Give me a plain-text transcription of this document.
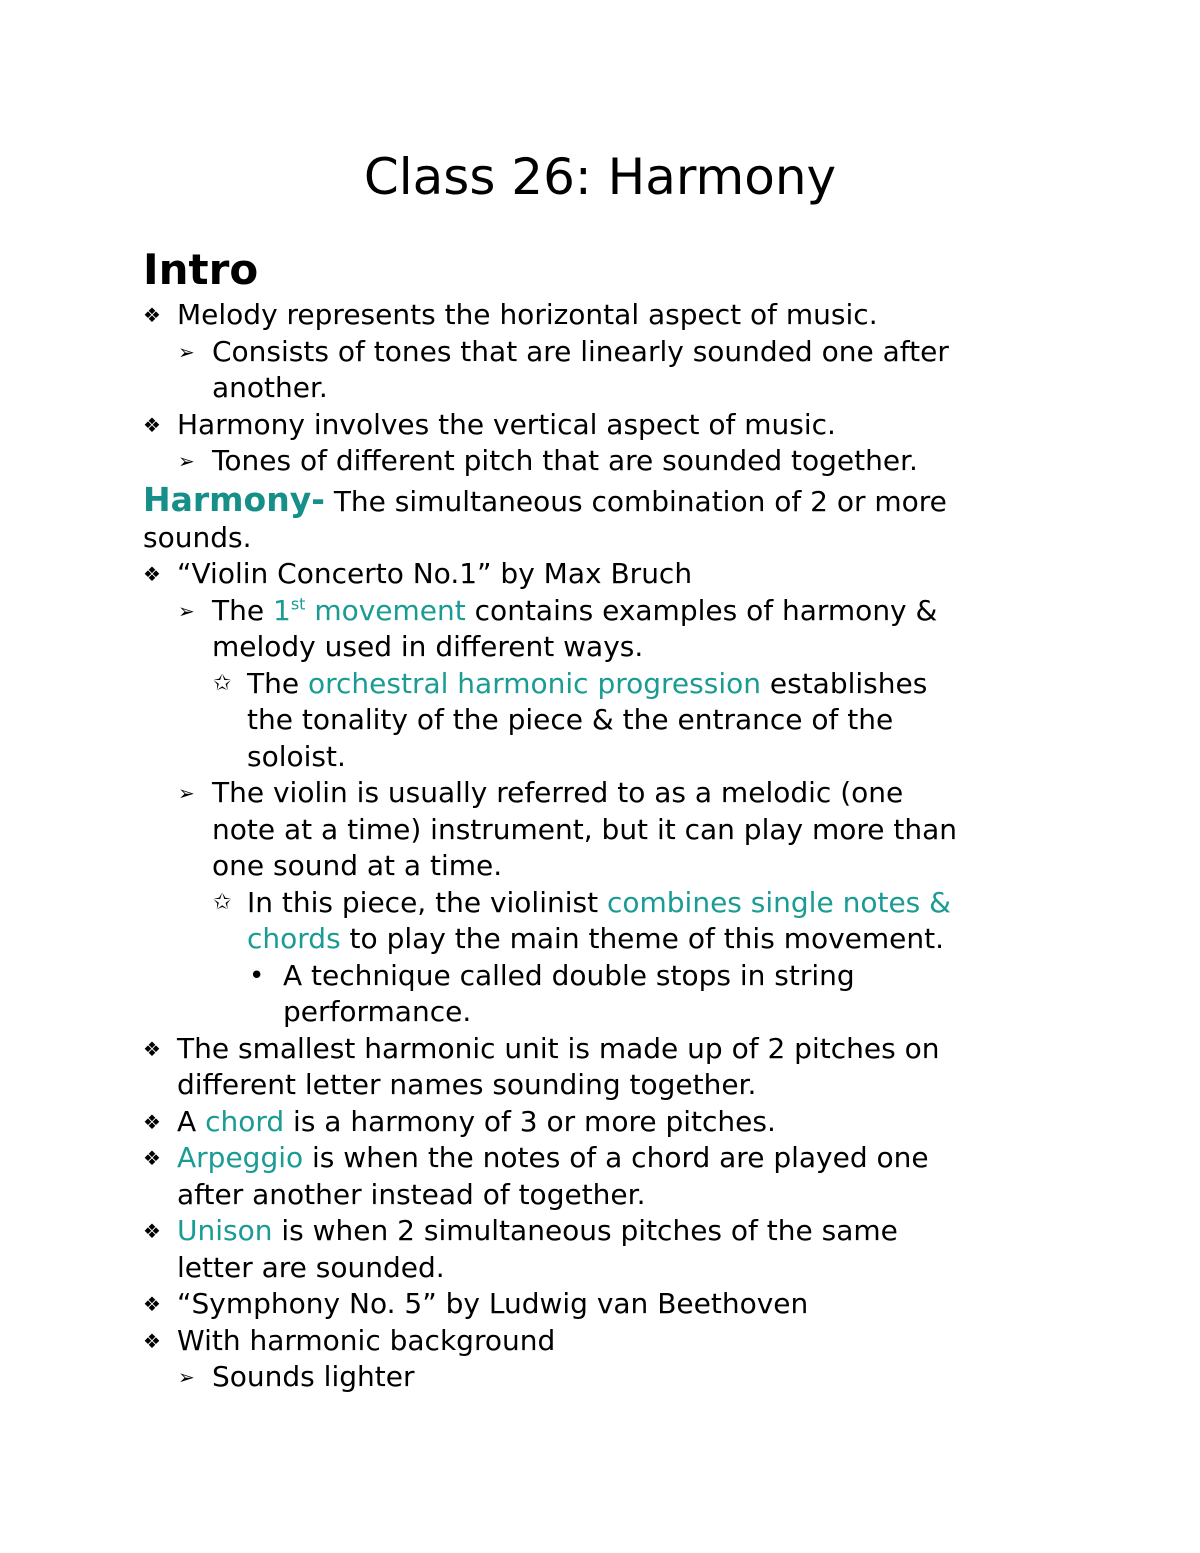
Class 26: Harmony
Intro
❖ Melody represents the horizontal aspect of music.
➢ Consists of tones that are linearly sounded one after
another.
❖ Harmony involves the vertical aspect of music.
➢ Tones of different pitch that are sounded together.
Harmony- The simultaneous combination of 2 or more
sounds.
❖ “Violin Concerto No.1” by Max Bruch
➢ The 1st movement contains examples of harmony &
melody used in different ways.
✩ The orchestral harmonic progression establishes
the tonality of the piece & the entrance of the
soloist.
➢ The violin is usually referred to as a melodic (one
note at a time) instrument, but it can play more than
one sound at a time.
✩ In this piece, the violinist combines single notes &
chords to play the main theme of this movement.
• A technique called double stops in string
performance.
❖ The smallest harmonic unit is made up of 2 pitches on
different letter names sounding together.
❖ A chord is a harmony of 3 or more pitches.
❖ Arpeggio is when the notes of a chord are played one
after another instead of together.
❖ Unison is when 2 simultaneous pitches of the same
letter are sounded.
❖ “Symphony No. 5” by Ludwig van Beethoven
❖ With harmonic background
➢ Sounds lighter
